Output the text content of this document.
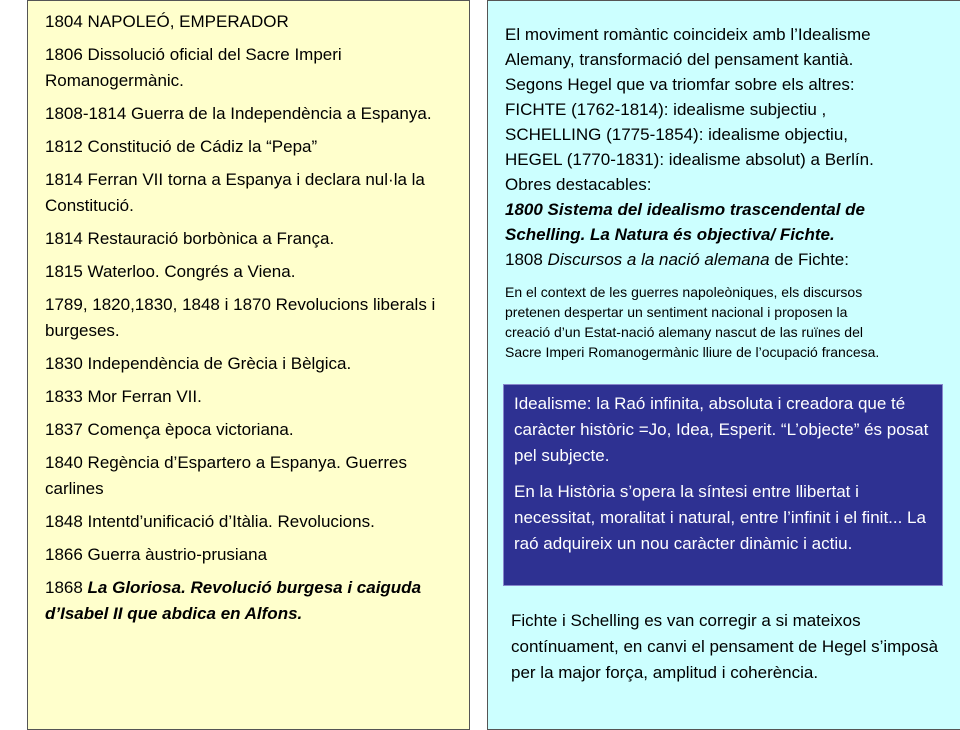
1804 NAPOLEÓ, EMPERADOR
1806 Dissolució oficial del Sacre Imperi Romanogermànic.
1808-1814 Guerra de la Independència a Espanya.
1812 Constitució de Cádiz la “Pepa”
1814 Ferran VII torna a Espanya i declara nul·la la Constitució.
1814 Restauració borbònica a França.
1815 Waterloo. Congrés a Viena.
1789, 1820,1830, 1848 i 1870 Revolucions liberals i burgeses.
1830 Independència de Grècia i Bèlgica.
1833 Mor Ferran VII.
1837 Comença època victoriana.
1840 Regència d’Espartero a Espanya. Guerres carlines
1848 Intentd’unificació d’Itàlia. Revolucions.
1866 Guerra àustrio-prusiana
1868 La Gloriosa. Revolució burgesa i caiguda d’Isabel II que abdica en Alfons.
El moviment romàntic coincideix amb l’Idealisme
Alemany, transformació del pensament kantià.
Segons Hegel que va triomfar sobre els altres:
FICHTE (1762-1814): idealisme subjectiu ,
SCHELLING (1775-1854): idealisme objectiu,
HEGEL (1770-1831): idealisme absolut) a Berlín.
Obres destacables:
1800 Sistema del idealismo trascendental de
Schelling. La Natura és objectiva/ Fichte.
1808 Discursos a la nació alemana de Fichte:
En el context de les guerres napoleòniques, els discursos
pretenen despertar un sentiment nacional i proposen la
creació d’un Estat-nació alemany nascut de las ruïnes del
Sacre Imperi Romanogermànic lliure de l’ocupació francesa.

Idealisme: la Raó infinita, absoluta i creadora que té caràcter històric =Jo, Idea, Esperit. “L’objecte” és posat pel subjecte.

En la Història s’opera la síntesi entre llibertat i necessitat, moralitat i natural, entre l’infinit i el finit... La raó adquireix un nou caràcter dinàmic i actiu.

Fichte i Schelling es van corregir a si mateixos contínuament, en canvi el pensament de Hegel s’imposà per la major força, amplitud i coherència.
